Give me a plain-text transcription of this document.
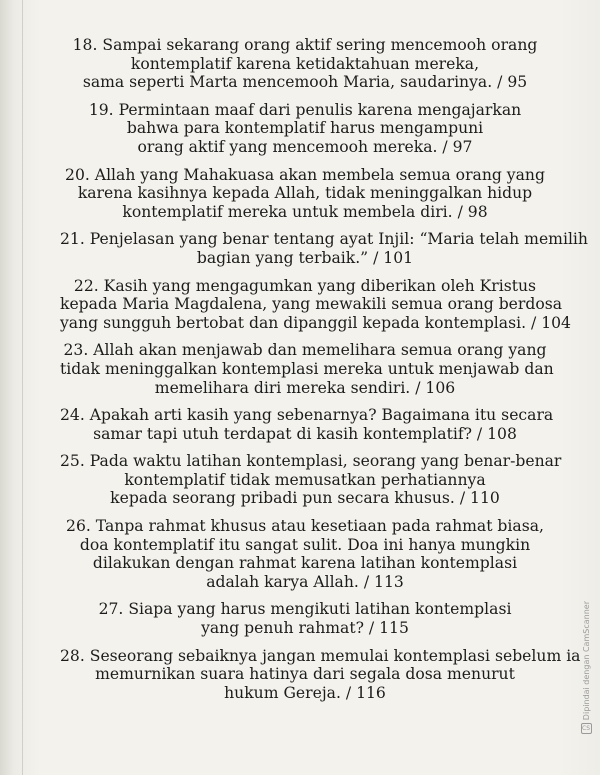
18. Sampai sekarang orang aktif sering mencemooh orang
kontemplatif karena ketidaktahuan mereka,
sama seperti Marta mencemooh Maria, saudarinya. / 95
19. Permintaan maaf dari penulis karena mengajarkan
bahwa para kontemplatif harus mengampuni
orang aktif yang mencemooh mereka. / 97
20. Allah yang Mahakuasa akan membela semua orang yang
karena kasihnya kepada Allah, tidak meninggalkan hidup
kontemplatif mereka untuk membela diri. / 98
21. Penjelasan yang benar tentang ayat Injil: “Maria telah memilih
bagian yang terbaik.” / 101
22. Kasih yang mengagumkan yang diberikan oleh Kristus
kepada Maria Magdalena, yang mewakili semua orang berdosa
yang sungguh bertobat dan dipanggil kepada kontemplasi. / 104
23. Allah akan menjawab dan memelihara semua orang yang
tidak meninggalkan kontemplasi mereka untuk menjawab dan
memelihara diri mereka sendiri. / 106
24. Apakah arti kasih yang sebenarnya? Bagaimana itu secara
samar tapi utuh terdapat di kasih kontemplatif? / 108
25. Pada waktu latihan kontemplasi, seorang yang benar-benar
kontemplatif tidak memusatkan perhatiannya
kepada seorang pribadi pun secara khusus. / 110
26. Tanpa rahmat khusus atau kesetiaan pada rahmat biasa,
doa kontemplatif itu sangat sulit. Doa ini hanya mungkin
dilakukan dengan rahmat karena latihan kontemplasi
adalah karya Allah. / 113
27. Siapa yang harus mengikuti latihan kontemplasi
yang penuh rahmat? / 115
28. Seseorang sebaiknya jangan memulai kontemplasi sebelum ia
memurnikan suara hatinya dari segala dosa menurut
hukum Gereja. / 116	Dipindai dengan CamScanner
CS
